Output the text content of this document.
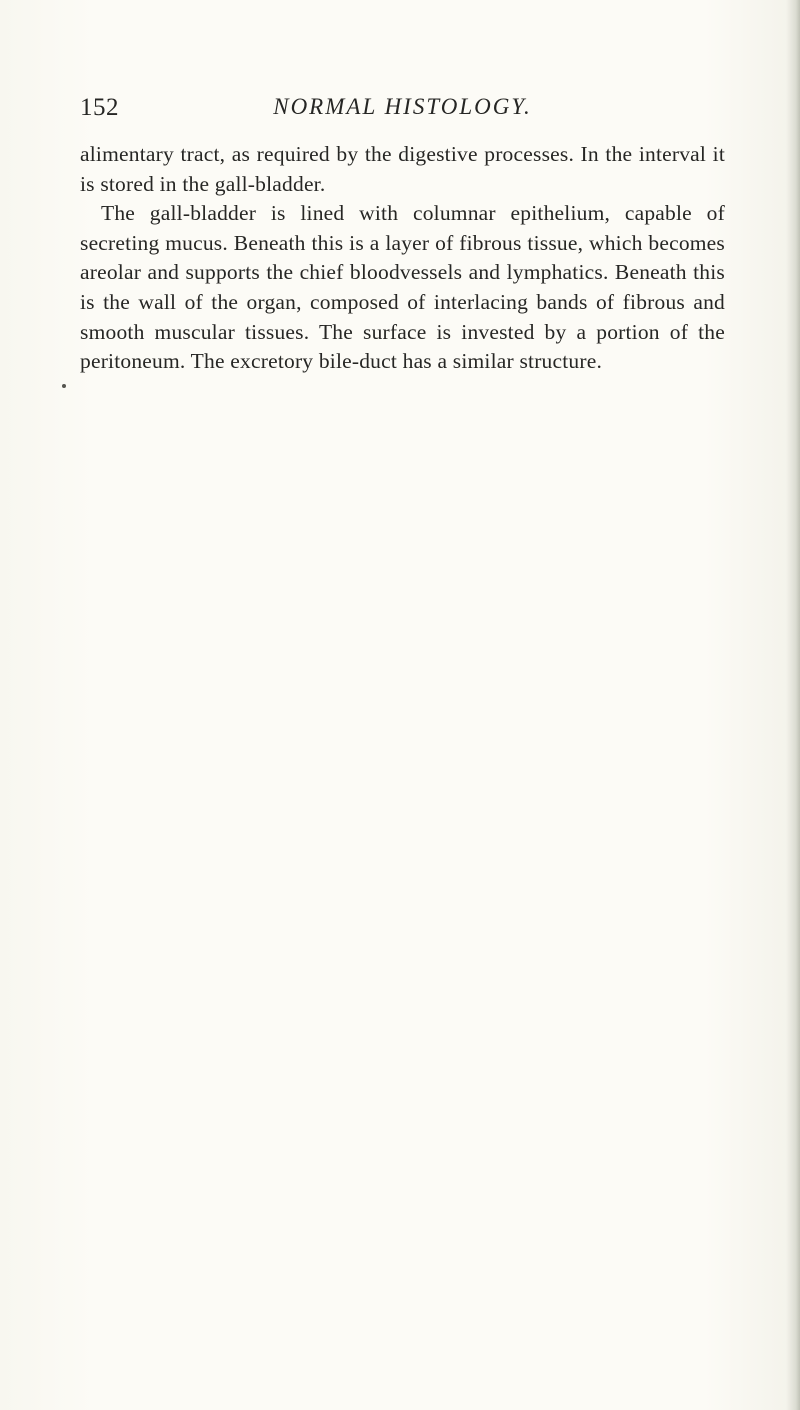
152	NORMAL HISTOLOGY.

alimentary tract, as required by the digestive processes. In the interval it is stored in the gall-bladder.

The gall-bladder is lined with columnar epithelium, capable of secreting mucus. Beneath this is a layer of fibrous tissue, which becomes areolar and supports the chief bloodvessels and lymphatics. Beneath this is the wall of the organ, composed of interlacing bands of fibrous and smooth muscular tissues. The surface is invested by a portion of the peritoneum. The excretory bile-duct has a similar structure.
